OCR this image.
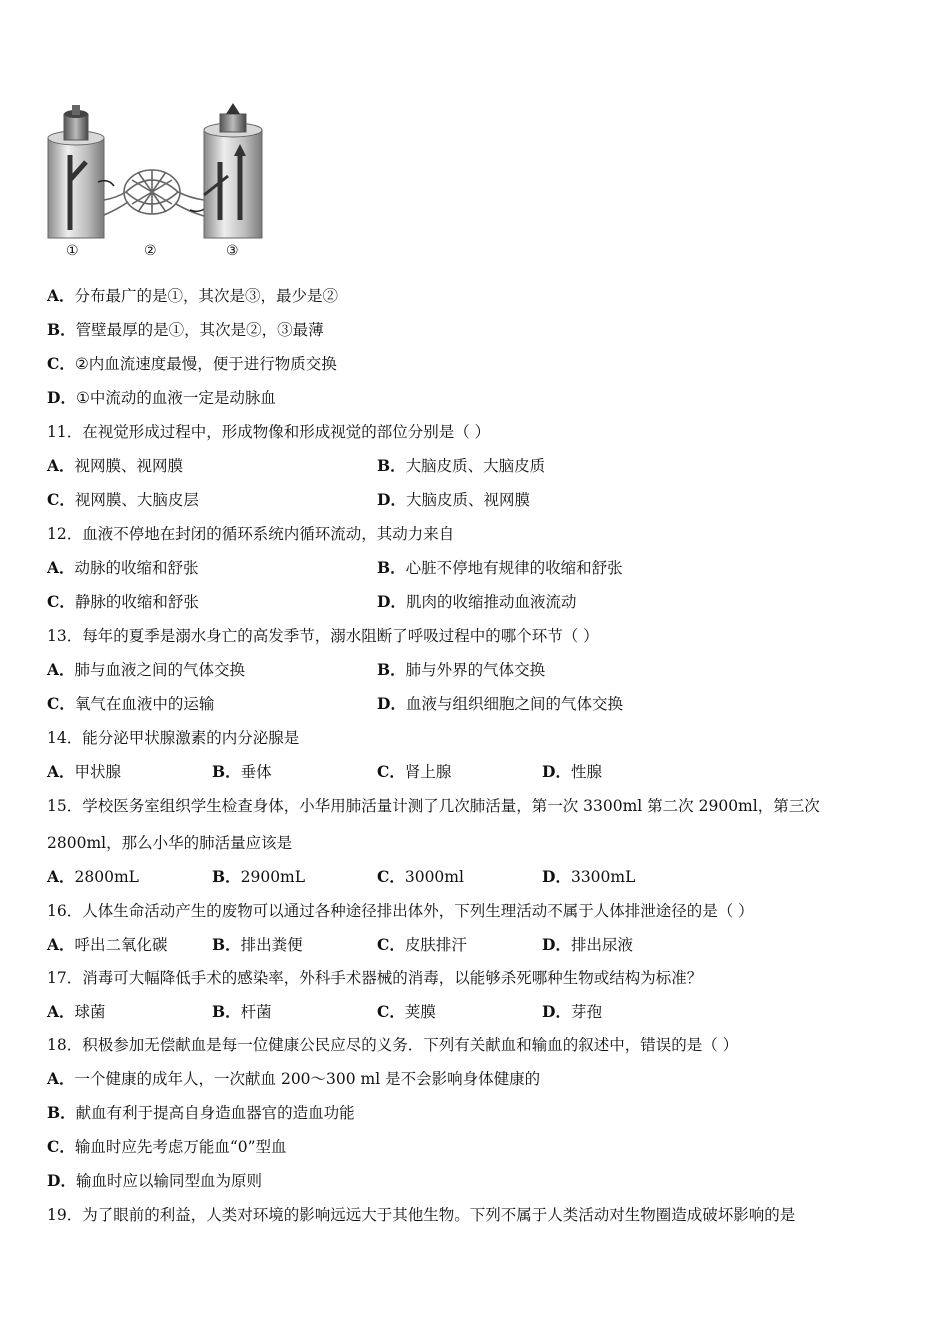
①	②	③
A．分布最广的是①，其次是③，最少是②
B．管壁最厚的是①，其次是②，③最薄
C．②内血流速度最慢，便于进行物质交换
D．①中流动的血液一定是动脉血
11．在视觉形成过程中，形成物像和形成视觉的部位分别是（ ）
A．视网膜、视网膜	B．大脑皮质、大脑皮质
C．视网膜、大脑皮层	D．大脑皮质、视网膜
12．血液不停地在封闭的循环系统内循环流动，其动力来自
A．动脉的收缩和舒张	B．心脏不停地有规律的收缩和舒张
C．静脉的收缩和舒张	D．肌肉的收缩推动血液流动
13．每年的夏季是溺水身亡的高发季节，溺水阻断了呼吸过程中的哪个环节（ ）
A．肺与血液之间的气体交换	B．肺与外界的气体交换
C．氧气在血液中的运输	D．血液与组织细胞之间的气体交换
14．能分泌甲状腺激素的内分泌腺是
A．甲状腺	B．垂体	C．肾上腺	D．性腺
15．学校医务室组织学生检查身体，小华用肺活量计测了几次肺活量，第一次 3300ml 第二次 2900ml，第三次
2800ml，那么小华的肺活量应该是
A．2800mL	B．2900mL	C．3000ml	D．3300mL
16．人体生命活动产生的废物可以通过各种途径排出体外，下列生理活动不属于人体排泄途径的是（ ）
A．呼出二氧化碳	B．排出粪便	C．皮肤排汗	D．排出尿液
17．消毒可大幅降低手术的感染率，外科手术器械的消毒，以能够杀死哪种生物或结构为标准？
A．球菌	B．杆菌	C．荚膜	D．芽孢
18．积极参加无偿献血是每一位健康公民应尽的义务．下列有关献血和输血的叙述中，错误的是（ ）
A．一个健康的成年人，一次献血 200～300 ml 是不会影响身体健康的
B．献血有利于提高自身造血器官的造血功能
C．输血时应先考虑万能血“0”型血
D．输血时应以输同型血为原则
19．为了眼前的利益，人类对环境的影响远远大于其他生物。下列不属于人类活动对生物圈造成破坏影响的是
